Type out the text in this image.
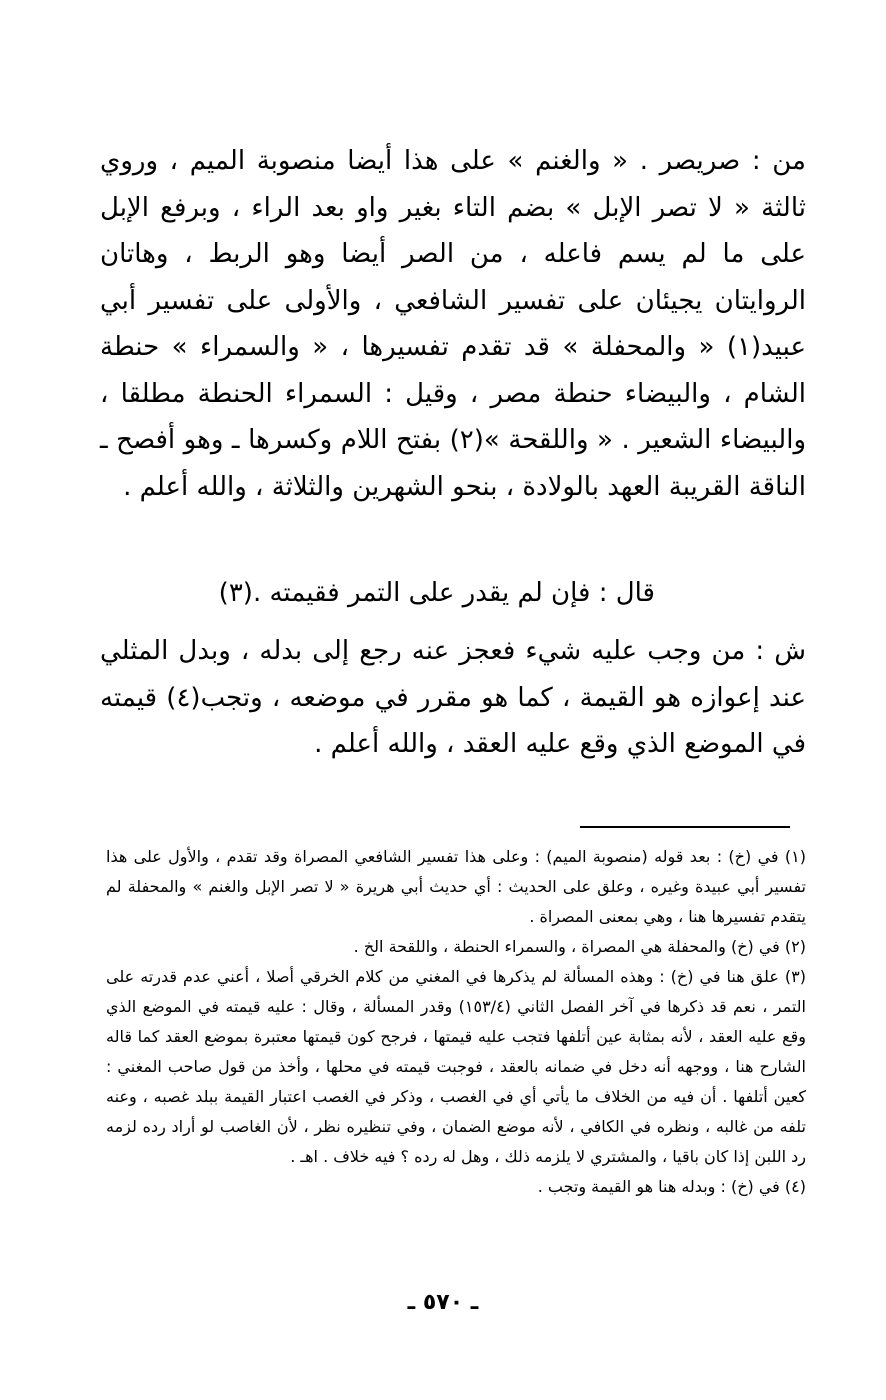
من : صريصر . « والغنم » على هذا أيضا منصوبة الميم ، وروي ثالثة « لا تصر الإبل » بضم التاء بغير واو بعد الراء ، وبرفع الإبل على ما لم يسم فاعله ، من الصر أيضا وهو الربط ، وهاتان الروايتان يجيئان على تفسير الشافعي ، والأولى على تفسير أبي عبيد(١) « والمحفلة » قد تقدم تفسيرها ، « والسمراء » حنطة الشام ، والبيضاء حنطة مصر ، وقيل : السمراء الحنطة مطلقا ، والبيضاء الشعير . « واللقحة »(٢) بفتح اللام وكسرها ـ وهو أفصح ـ الناقة القريبة العهد بالولادة ، بنحو الشهرين والثلاثة ، والله أعلم .

قال : فإن لم يقدر على التمر فقيمته .(٣)

ش : من وجب عليه شيء فعجز عنه رجع إلى بدله ، وبدل المثلي عند إعوازه هو القيمة ، كما هو مقرر في موضعه ، وتجب(٤) قيمته في الموضع الذي وقع عليه العقد ، والله أعلم .

(١) في (خ) : بعد قوله (منصوبة الميم) : وعلى هذا تفسير الشافعي المصراة وقد تقدم ، والأول على هذا تفسير أبي عبيدة وغيره ، وعلق على الحديث : أي حديث أبي هريرة « لا تصر الإبل والغنم » والمحفلة لم يتقدم تفسيرها هنا ، وهي بمعنى المصراة .

(٢) في (خ) والمحفلة هي المصراة ، والسمراء الحنطة ، واللقحة الخ .

(٣) علق هنا في (خ) : وهذه المسألة لم يذكرها في المغني من كلام الخرقي أصلا ، أعني عدم قدرته على التمر ، نعم قد ذكرها في آخر الفصل الثاني (١٥٣/٤) وقدر المسألة ، وقال : عليه قيمته في الموضع الذي وقع عليه العقد ، لأنه بمثابة عين أتلفها فتجب عليه قيمتها ، فرجح كون قيمتها معتبرة بموضع العقد كما قاله الشارح هنا ، ووجهه أنه دخل في ضمانه بالعقد ، فوجبت قيمته في محلها ، وأخذ من قول صاحب المغني : كعين أتلفها . أن فيه من الخلاف ما يأتي أي في الغصب ، وذكر في الغصب اعتبار القيمة ببلد غصبه ، وعنه تلفه من غالبه ، ونظره في الكافي ، لأنه موضع الضمان ، وفي تنظيره نظر ، لأن الغاصب لو أراد رده لزمه رد اللبن إذا كان باقيا ، والمشتري لا يلزمه ذلك ، وهل له رده ؟ فيه خلاف . اهـ .

(٤) في (خ) : وبدله هنا هو القيمة وتجب .

ـ ٥٧٠ ـ
